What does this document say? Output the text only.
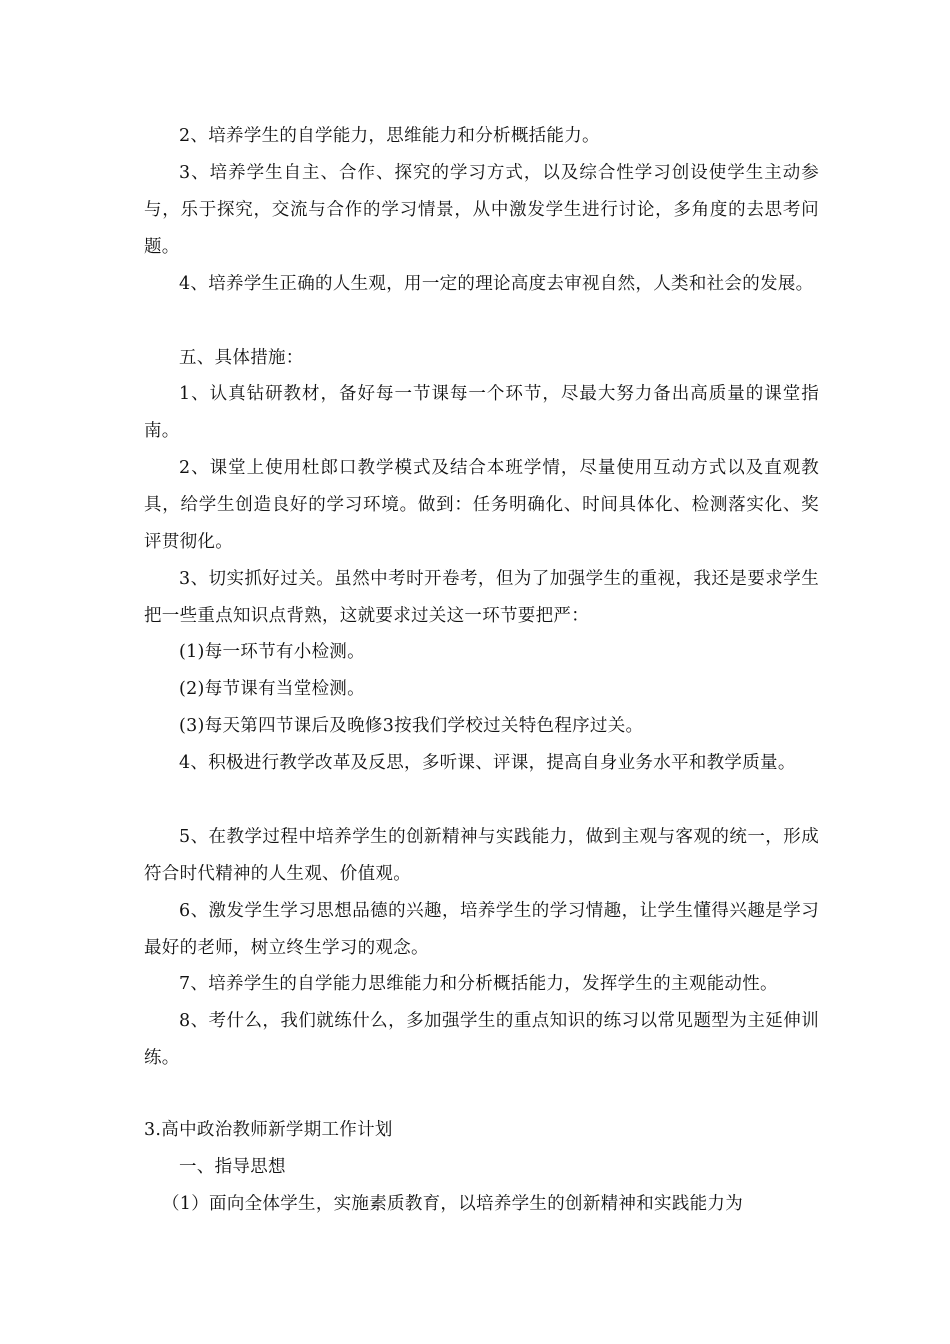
2、培养学生的自学能力，思维能力和分析概括能力。

3、培养学生自主、合作、探究的学习方式，以及综合性学习创设使学生主动参与，乐于探究，交流与合作的学习情景，从中激发学生进行讨论，多角度的去思考问题。

4、培养学生正确的人生观，用一定的理论高度去审视自然，人类和社会的发展。

五、具体措施：

1、认真钻研教材，备好每一节课每一个环节，尽最大努力备出高质量的课堂指南。

2、课堂上使用杜郎口教学模式及结合本班学情，尽量使用互动方式以及直观教具，给学生创造良好的学习环境。做到：任务明确化、时间具体化、检测落实化、奖评贯彻化。

3、切实抓好过关。虽然中考时开卷考，但为了加强学生的重视，我还是要求学生把一些重点知识点背熟，这就要求过关这一环节要把严：

(1)每一环节有小检测。

(2)每节课有当堂检测。

(3)每天第四节课后及晚修3按我们学校过关特色程序过关。

4、积极进行教学改革及反思，多听课、评课，提高自身业务水平和教学质量。

5、在教学过程中培养学生的创新精神与实践能力，做到主观与客观的统一，形成符合时代精神的人生观、价值观。

6、激发学生学习思想品德的兴趣，培养学生的学习情趣，让学生懂得兴趣是学习最好的老师，树立终生学习的观念。

7、培养学生的自学能力思维能力和分析概括能力，发挥学生的主观能动性。

8、考什么，我们就练什么，多加强学生的重点知识的练习以常见题型为主延伸训练。

3.高中政治教师新学期工作计划

一、指导思想

（1）面向全体学生，实施素质教育，以培养学生的创新精神和实践能力为
